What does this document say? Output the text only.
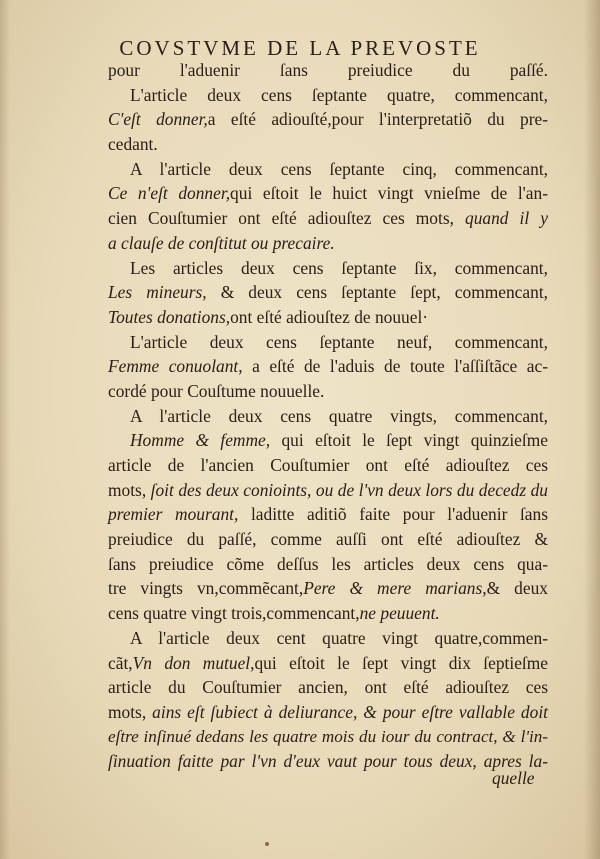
COVSTVME DE LA PREVOSTE
pour l'aduenir ſans preiudice du paſſé.
L'article deux cens ſeptante quatre, commencant,
C'eſt donner,a eſté adiouſté,pour l'interpretatiõ du pre-
cedant.
A l'article deux cens ſeptante cinq, commencant,
Ce n'eſt donner,qui eſtoit le huict vingt vnieſme de l'an-
cien Couſtumier ont eſté adiouſtez ces mots, quand il y
a clauſe de conſtitut ou precaire.
Les articles deux cens ſeptante ſix, commencant,
Les mineurs, & deux cens ſeptante ſept, commencant,
Toutes donations,ont eſté adiouſtez de nouuel·
L'article deux cens ſeptante neuf, commencant,
Femme conuolant, a eſté de l'aduis de toute l'aſſiſtãce ac-
cordé pour Couſtume nouuelle.
A l'article deux cens quatre vingts, commencant,
Homme & femme, qui eſtoit le ſept vingt quinzieſme
article de l'ancien Couſtumier ont eſté adiouſtez ces
mots, ſoit des deux conioints, ou de l'vn deux lors du decedz du
premier mourant, laditte aditiõ faite pour l'aduenir ſans
preiudice du paſſé, comme auſſi ont eſté adiouſtez &
ſans preiudice cõme deſſus les articles deux cens qua-
tre vingts vn,commẽcant,Pere & mere marians,& deux
cens quatre vingt trois,commencant,ne peuuent.
A l'article deux cent quatre vingt quatre,commen-
cãt,Vn don mutuel,qui eſtoit le ſept vingt dix ſeptieſme
article du Couſtumier ancien, ont eſté adiouſtez ces
mots, ains eſt ſubiect à deliurance, & pour eſtre vallable doit
eſtre inſinué dedans les quatre mois du iour du contract, & l'in-
ſinuation faitte par l'vn d'eux vaut pour tous deux, apres la-
quelle
